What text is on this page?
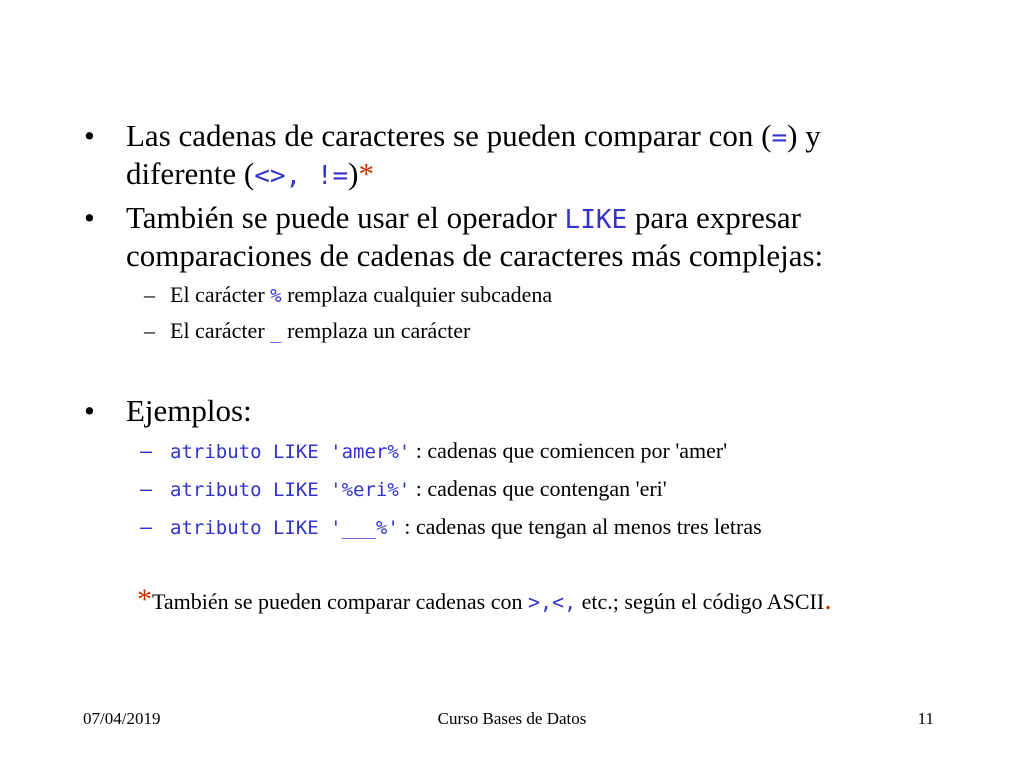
• Las cadenas de caracteres se pueden comparar con (=) y
diferente (<>, !=)*
• También se puede usar el operador LIKE para expresar
comparaciones de cadenas de caracteres más complejas:
– El carácter % remplaza cualquier subcadena
– El carácter _ remplaza un carácter
• Ejemplos:
– atributo LIKE 'amer%' : cadenas que comiencen por 'amer'
– atributo LIKE '%eri%' : cadenas que contengan 'eri'
– atributo LIKE '___%' : cadenas que tengan al menos tres letras
*También se pueden comparar cadenas con >,<, etc.; según el código ASCII.
07/04/2019	Curso Bases de Datos	11
